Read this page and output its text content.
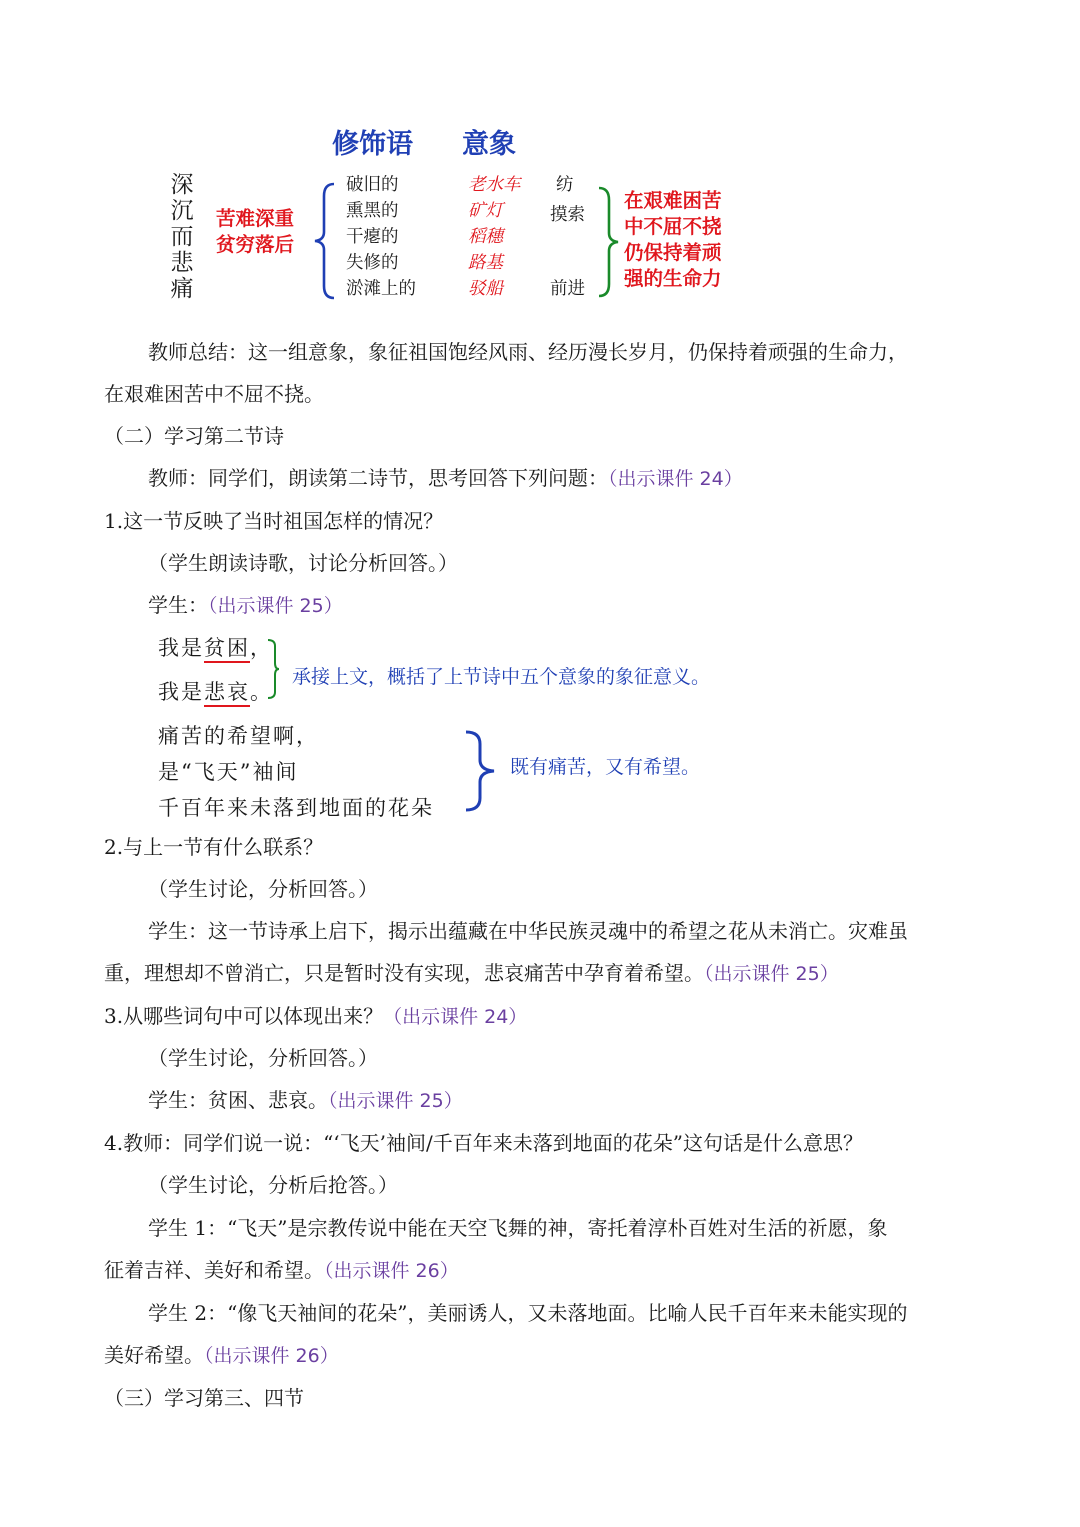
修饰语 意象
深
沉
而
悲
痛
苦难深重
贫穷落后
破旧的
熏黑的
干瘪的
失修的
淤滩上的
老水车
矿灯
稻穗
路基
驳船
纺
摸索
前进
在艰难困苦
中不屈不挠
仍保持着顽
强的生命力
教师总结：这一组意象，象征祖国饱经风雨、经历漫长岁月，仍保持着顽强的生命力，
在艰难困苦中不屈不挠。
（二）学习第二节诗
教师：同学们，朗读第二诗节，思考回答下列问题：（出示课件 24）
1.这一节反映了当时祖国怎样的情况？
（学生朗读诗歌，讨论分析回答。）
学生：（出示课件 25）
我是贫困，
我是悲哀。
承接上文，概括了上节诗中五个意象的象征意义。
痛苦的希望啊，
是“飞天”袖间
千百年来未落到地面的花朵
既有痛苦，又有希望。
2.与上一节有什么联系？
（学生讨论，分析回答。）
学生：这一节诗承上启下，揭示出蕴藏在中华民族灵魂中的希望之花从未消亡。灾难虽
重，理想却不曾消亡，只是暂时没有实现，悲哀痛苦中孕育着希望。（出示课件 25）
3.从哪些词句中可以体现出来？（出示课件 24）
（学生讨论，分析回答。）
学生：贫困、悲哀。（出示课件 25）
4.教师：同学们说一说：“‘飞天’袖间/千百年来未落到地面的花朵”这句话是什么意思？
（学生讨论，分析后抢答。）
学生 1：“飞天”是宗教传说中能在天空飞舞的神，寄托着淳朴百姓对生活的祈愿，象
征着吉祥、美好和希望。（出示课件 26）
学生 2：“像飞天袖间的花朵”，美丽诱人，又未落地面。比喻人民千百年来未能实现的
美好希望。（出示课件 26）
（三）学习第三、四节
